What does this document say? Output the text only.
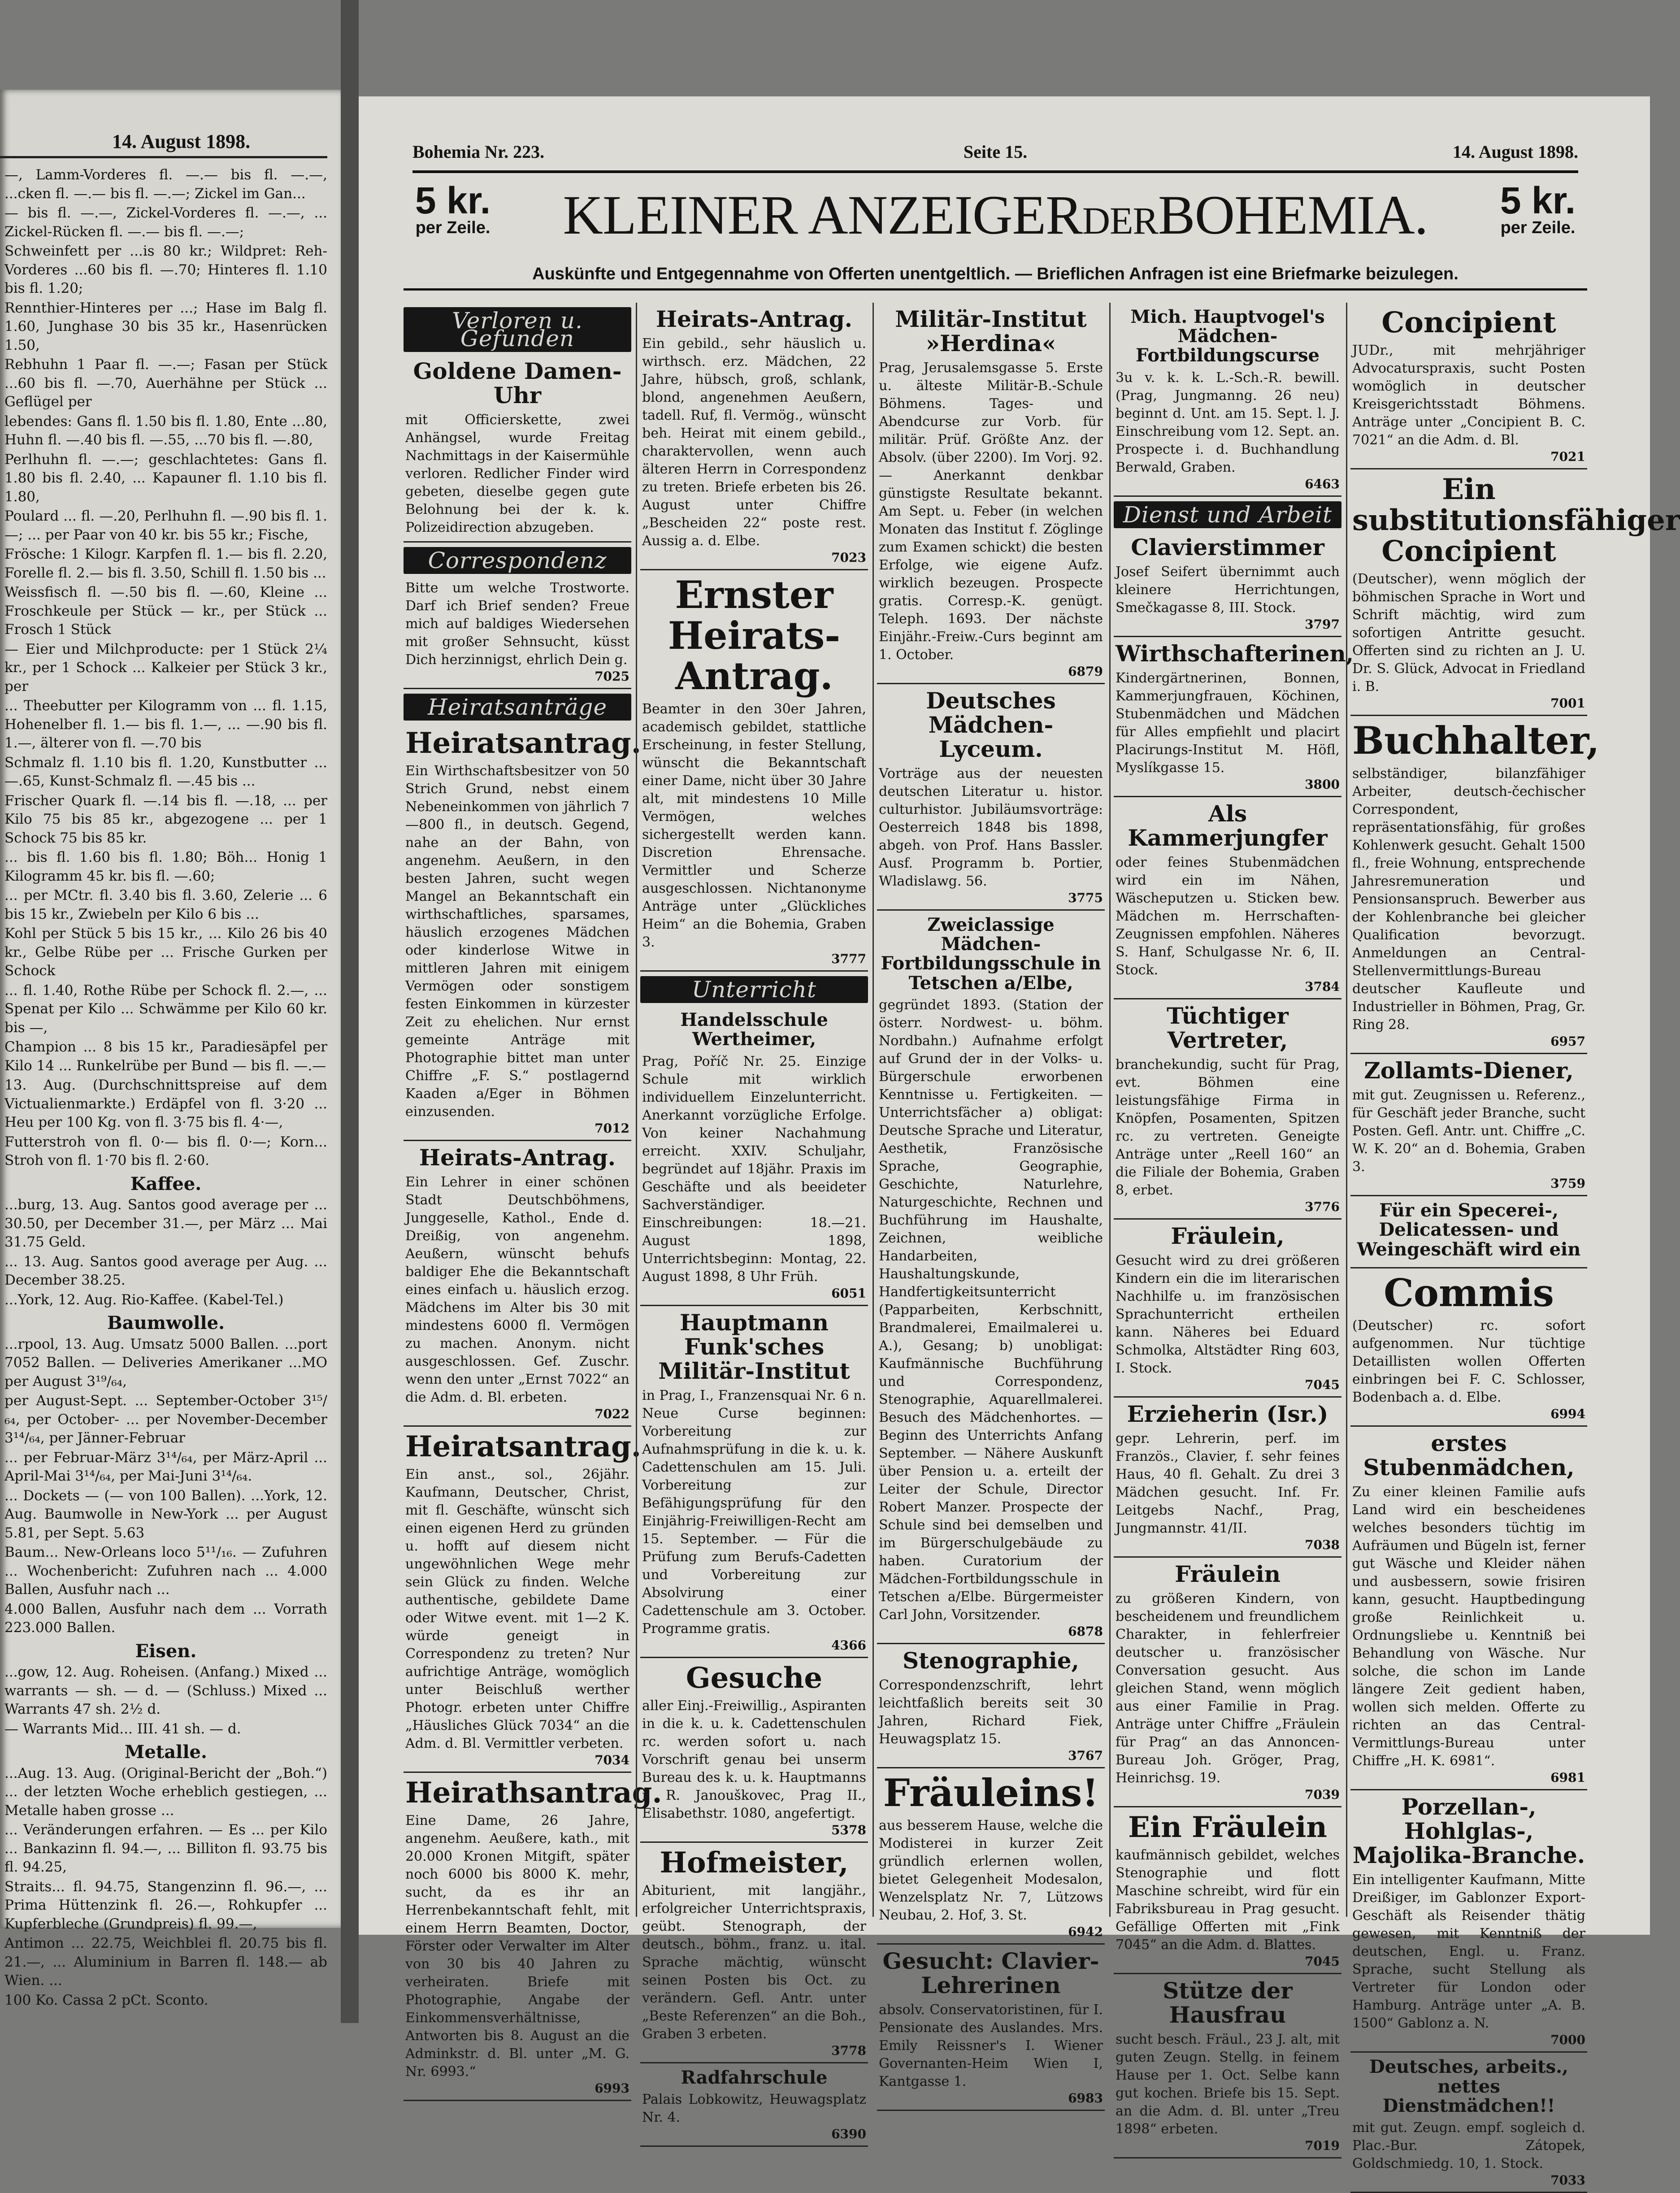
14. August 1898.

—, Lamm-Vorderes fl. —.— bis fl. —.—, ...cken fl. —.— bis fl. —.—; Zickel im Gan...

— bis fl. —.—, Zickel-Vorderes fl. —.—, ... Zickel-Rücken fl. —.— bis fl. —.—;

Schweinfett per ...is 80 kr.; Wildpret: Reh-Vorderes ...60 bis fl. —.70; Hinteres fl. 1.10 bis fl. 1.20;

Rennthier-Hinteres per ...; Hase im Balg fl. 1.60, Junghase 30 bis 35 kr., Hasenrücken 1.50,

Rebhuhn 1 Paar fl. —.—; Fasan per Stück ...60 bis fl. —.70, Auerhähne per Stück ... Geflügel per

lebendes: Gans fl. 1.50 bis fl. 1.80, Ente ...80, Huhn fl. —.40 bis fl. —.55, ...70 bis fl. —.80,

Perlhuhn fl. —.—; geschlachtetes: Gans fl. 1.80 bis fl. 2.40, ... Kapauner fl. 1.10 bis fl. 1.80,

Poulard ... fl. —.20, Perlhuhn fl. —.90 bis fl. 1.—; ... per Paar von 40 kr. bis 55 kr.; Fische,

Frösche: 1 Kilogr. Karpfen fl. 1.— bis fl. 2.20, Forelle fl. 2.— bis fl. 3.50, Schill fl. 1.50 bis ...

Weissfisch fl. —.50 bis fl. —.60, Kleine ... Froschkeule per Stück — kr., per Stück ... Frosch 1 Stück

— Eier und Milchproducte: per 1 Stück 2¼ kr., per 1 Schock ... Kalkeier per Stück 3 kr., per

... Theebutter per Kilogramm von ... fl. 1.15, Hohenelber fl. 1.— bis fl. 1.—, ... —.90 bis fl. 1.—, älterer von fl. —.70 bis

Schmalz fl. 1.10 bis fl. 1.20, Kunstbutter ... —.65, Kunst-Schmalz fl. —.45 bis ...

Frischer Quark fl. —.14 bis fl. —.18, ... per Kilo 75 bis 85 kr., abgezogene ... per 1 Schock 75 bis 85 kr.

... bis fl. 1.60 bis fl. 1.80; Böh... Honig 1 Kilogramm 45 kr. bis fl. —.60;

... per MCtr. fl. 3.40 bis fl. 3.60, Zelerie ... 6 bis 15 kr., Zwiebeln per Kilo 6 bis ...

Kohl per Stück 5 bis 15 kr., ... Kilo 26 bis 40 kr., Gelbe Rübe per ... Frische Gurken per Schock

... fl. 1.40, Rothe Rübe per Schock fl. 2.—, ... Spenat per Kilo ... Schwämme per Kilo 60 kr. bis —,

Champion ... 8 bis 15 kr., Paradiesäpfel per Kilo 14 ... Runkelrübe per Bund — bis fl. —.—

13. Aug. (Durchschnittspreise auf dem Victualienmarkte.) Erdäpfel von fl. 3·20 ... Heu per 100 Kg. von fl. 3·75 bis fl. 4·—,

Futterstroh von fl. 0·— bis fl. 0·—; Korn... Stroh von fl. 1·70 bis fl. 2·60.

Kaffee.

...burg, 13. Aug. Santos good average per ... 30.50, per December 31.—, per März ... Mai 31.75 Geld.

... 13. Aug. Santos good average per Aug. ... December 38.25.

...York, 12. Aug. Rio-Kaffee. (Kabel-Tel.)

Baumwolle.

...rpool, 13. Aug. Umsatz 5000 Ballen. ...port 7052 Ballen. — Deliveries Amerikaner ...MO per August 3¹⁹/₆₄,

per August-Sept. ... September-October 3¹⁵/₆₄, per October- ... per November-December 3¹⁴/₆₄, per Jänner-Februar

... per Februar-März 3¹⁴/₆₄, per März-April ... April-Mai 3¹⁴/₆₄, per Mai-Juni 3¹⁴/₆₄.

... Dockets — (— von 100 Ballen). ...York, 12. Aug. Baumwolle in New-York ... per August 5.81, per Sept. 5.63

Baum... New-Orleans loco 5¹¹/₁₆. — Zufuhren ... Wochenbericht: Zufuhren nach ... 4.000 Ballen, Ausfuhr nach ...

4.000 Ballen, Ausfuhr nach dem ... Vorrath 223.000 Ballen.

Eisen.

...gow, 12. Aug. Roheisen. (Anfang.) Mixed ... warrants — sh. — d. — (Schluss.) Mixed ... Warrants 47 sh. 2½ d.

— Warrants Mid... III. 41 sh. — d.

Metalle.

...Aug. 13. Aug. (Original-Bericht der „Boh.“) ... der letzten Woche erheblich gestiegen, ... Metalle haben grosse ...

... Veränderungen erfahren. — Es ... per Kilo ... Bankazinn fl. 94.—, ... Billiton fl. 93.75 bis fl. 94.25,

Straits... fl. 94.75, Stangenzinn fl. 96.—, ... Prima Hüttenzink fl. 26.—, Rohkupfer ... Kupferbleche (Grundpreis) fl. 99.—,

Antimon ... 22.75, Weichblei fl. 20.75 bis fl. 21.—, ... Aluminium in Barren fl. 148.— ab Wien. ...

100 Ko. Cassa 2 pCt. Sconto.

Bohemia Nr. 223.	Seite 15.	14. August 1898.
5 kr.
per Zeile.	KLEINER ANZEIGERDERBOHEMIA.	5 kr.
per Zeile.
Auskünfte und Entgegennahme von Offerten unentgeltlich. — Brieflichen Anfragen ist eine Briefmarke beizulegen.
Verloren u. Gefunden
Goldene Damen-Uhr

mit Officierskette, zwei Anhängsel, wurde Freitag Nachmittags in der Kaisermühle verloren. Redlicher Finder wird gebeten, dieselbe gegen gute Belohnung bei der k. k. Polizeidirection abzugeben.

Correspondenz

Bitte um welche Trostworte. Darf ich Brief senden? Freue mich auf baldiges Wiedersehen mit großer Sehnsucht, küsst Dich herzinnigst, ehrlich Dein g.

7025
Heiratsanträge
Heiratsantrag.

Ein Wirthschaftsbesitzer von 50 Strich Grund, nebst einem Nebeneinkommen von jährlich 7—800 fl., in deutsch. Gegend, nahe an der Bahn, von angenehm. Aeußern, in den besten Jahren, sucht wegen Mangel an Bekanntschaft ein wirthschaftliches, sparsames, häuslich erzogenes Mädchen oder kinderlose Witwe in mittleren Jahren mit einigem Vermögen oder sonstigem festen Einkommen in kürzester Zeit zu ehelichen. Nur ernst gemeinte Anträge mit Photographie bittet man unter Chiffre „F. S.“ postlagernd Kaaden a/Eger in Böhmen einzusenden.

7012
Heirats-Antrag.

Ein Lehrer in einer schönen Stadt Deutschböhmens, Junggeselle, Kathol., Ende d. Dreißig, von angenehm. Aeußern, wünscht behufs baldiger Ehe die Bekanntschaft eines einfach u. häuslich erzog. Mädchens im Alter bis 30 mit mindestens 6000 fl. Vermögen zu machen. Anonym. nicht ausgeschlossen. Gef. Zuschr. wenn den unter „Ernst 7022“ an die Adm. d. Bl. erbeten.

7022
Heiratsantrag.

Ein anst., sol., 26jähr. Kaufmann, Deutscher, Christ, mit fl. Geschäfte, wünscht sich einen eigenen Herd zu gründen u. hofft auf diesem nicht ungewöhnlichen Wege mehr sein Glück zu finden. Welche authentische, gebildete Dame oder Witwe event. mit 1—2 K. würde geneigt in Correspondenz zu treten? Nur aufrichtige Anträge, womöglich unter Beischluß werther Photogr. erbeten unter Chiffre „Häusliches Glück 7034“ an die Adm. d. Bl. Vermittler verbeten.

7034
Heirathsantrag.

Eine Dame, 26 Jahre, angenehm. Aeußere, kath., mit 20.000 Kronen Mitgift, später noch 6000 bis 8000 K. mehr, sucht, da es ihr an Herrenbekanntschaft fehlt, mit einem Herrn Beamten, Doctor, Förster oder Verwalter im Alter von 30 bis 40 Jahren zu verheiraten. Briefe mit Photographie, Angabe der Einkommensverhältnisse, Antworten bis 8. August an die Adminkstr. d. Bl. unter „M. G. Nr. 6993.“

6993
Heirats-Antrag.

Ein gebild., sehr häuslich u. wirthsch. erz. Mädchen, 22 Jahre, hübsch, groß, schlank, blond, angenehmen Aeußern, tadell. Ruf, fl. Vermög., wünscht beh. Heirat mit einem gebild., charaktervollen, wenn auch älteren Herrn in Correspondenz zu treten. Briefe erbeten bis 26. August unter Chiffre „Bescheiden 22“ poste rest. Aussig a. d. Elbe.

7023
Ernster Heirats-Antrag.

Beamter in den 30er Jahren, academisch gebildet, stattliche Erscheinung, in fester Stellung, wünscht die Bekanntschaft einer Dame, nicht über 30 Jahre alt, mit mindestens 10 Mille Vermögen, welches sichergestellt werden kann. Discretion Ehrensache. Vermittler und Scherze ausgeschlossen. Nichtanonyme Anträge unter „Glückliches Heim“ an die Bohemia, Graben 3.

3777
Unterricht
Handelsschule Wertheimer,

Prag, Poříč Nr. 25. Einzige Schule mit wirklich individuellem Einzelunterricht. Anerkannt vorzügliche Erfolge. Von keiner Nachahmung erreicht. XXIV. Schuljahr, begründet auf 18jähr. Praxis im Geschäfte und als beeideter Sachverständiger. Einschreibungen: 18.—21. August 1898, Unterrichtsbeginn: Montag, 22. August 1898, 8 Uhr Früh.

6051
Hauptmann Funk'sches Militär-Institut

in Prag, I., Franzensquai Nr. 6 n. Neue Curse beginnen: Vorbereitung zur Aufnahmsprüfung in die k. u. k. Cadettenschulen am 15. Juli. Vorbereitung zur Befähigungsprüfung für den Einjährig-Freiwilligen-Recht am 15. September. — Für die Prüfung zum Berufs-Cadetten und Vorbereitung zur Absolvirung einer Cadettenschule am 3. October. Programme gratis.

4366
Gesuche

aller Einj.-Freiwillig., Aspiranten in die k. u. k. Cadettenschulen rc. werden sofort u. nach Vorschrift genau bei unserm Bureau des k. u. k. Hauptmanns i. R. Janouškovec, Prag II., Elisabethstr. 1080, angefertigt.

5378
Hofmeister,

Abiturient, mit langjähr., erfolgreicher Unterrichtspraxis, geübt. Stenograph, der deutsch., böhm., franz. u. ital. Sprache mächtig, wünscht seinen Posten bis Oct. zu verändern. Gefl. Antr. unter „Beste Referenzen“ an die Boh., Graben 3 erbeten.

3778
Radfahrschule

Palais Lobkowitz, Heuwagsplatz Nr. 4.

6390
Militär-Institut »Herdina«

Prag, Jerusalemsgasse 5. Erste u. älteste Militär-B.-Schule Böhmens. Tages- und Abendcurse zur Vorb. für militär. Prüf. Größte Anz. der Absolv. (über 2200). Im Vorj. 92. — Anerkannt denkbar günstigste Resultate bekannt. Am Sept. u. Feber (in welchen Monaten das Institut f. Zöglinge zum Examen schickt) die besten Erfolge, wie eigene Aufz. wirklich bezeugen. Prospecte gratis. Corresp.-K. genügt. Teleph. 1693. Der nächste Einjähr.-Freiw.-Curs beginnt am 1. October.

6879
Deutsches Mädchen-Lyceum.

Vorträge aus der neuesten deutschen Literatur u. histor. culturhistor. Jubiläumsvorträge: Oesterreich 1848 bis 1898, abgeh. von Prof. Hans Bassler. Ausf. Programm b. Portier, Wladislawg. 56.

3775
Zweiclassige Mädchen-Fortbildungsschule in Tetschen a/Elbe,

gegründet 1893. (Station der österr. Nordwest- u. böhm. Nordbahn.) Aufnahme erfolgt auf Grund der in der Volks- u. Bürgerschule erworbenen Kenntnisse u. Fertigkeiten. — Unterrichtsfächer a) obligat: Deutsche Sprache und Literatur, Aesthetik, Französische Sprache, Geographie, Geschichte, Naturlehre, Naturgeschichte, Rechnen und Buchführung im Haushalte, Zeichnen, weibliche Handarbeiten, Haushaltungskunde, Handfertigkeitsunterricht (Papparbeiten, Kerbschnitt, Brandmalerei, Emailmalerei u. A.), Gesang; b) unobligat: Kaufmännische Buchführung und Correspondenz, Stenographie, Aquarellmalerei. Besuch des Mädchenhortes. — Beginn des Unterrichts Anfang September. — Nähere Auskunft über Pension u. a. erteilt der Leiter der Schule, Director Robert Manzer. Prospecte der Schule sind bei demselben und im Bürgerschulgebäude zu haben. Curatorium der Mädchen-Fortbildungsschule in Tetschen a/Elbe. Bürgermeister Carl John, Vorsitzender.

6878
Stenographie,

Correspondenzschrift, lehrt leichtfaßlich bereits seit 30 Jahren, Richard Fiek, Heuwagsplatz 15.

3767
Fräuleins!

aus besserem Hause, welche die Modisterei in kurzer Zeit gründlich erlernen wollen, bietet Gelegenheit Modesalon, Wenzelsplatz Nr. 7, Lützows Neubau, 2. Hof, 3. St.

6942
Gesucht: Clavier-Lehrerinen

absolv. Conservatoristinen, für I. Pensionate des Auslandes. Mrs. Emily Reissner's I. Wiener Governanten-Heim Wien I, Kantgasse 1.

6983
Mich. Hauptvogel's Mädchen-Fortbildungscurse

3u v. k. k. L.-Sch.-R. bewill. (Prag, Jungmanng. 26 neu) beginnt d. Unt. am 15. Sept. l. J. Einschreibung vom 12. Sept. an. Prospecte i. d. Buchhandlung Berwald, Graben.

6463
Dienst und Arbeit
Clavierstimmer

Josef Seifert übernimmt auch kleinere Herrichtungen, Smečkagasse 8, III. Stock.

3797
Wirthschafterinen,

Kindergärtnerinen, Bonnen, Kammerjungfrauen, Köchinen, Stubenmädchen und Mädchen für Alles empfiehlt und placirt Placirungs-Institut M. Höfl, Myslíkgasse 15.

3800
Als Kammerjungfer

oder feines Stubenmädchen wird ein im Nähen, Wäscheputzen u. Sticken bew. Mädchen m. Herrschaften-Zeugnissen empfohlen. Näheres S. Hanf, Schulgasse Nr. 6, II. Stock.

3784
Tüchtiger Vertreter,

branchekundig, sucht für Prag, evt. Böhmen eine leistungsfähige Firma in Knöpfen, Posamenten, Spitzen rc. zu vertreten. Geneigte Anträge unter „Reell 160“ an die Filiale der Bohemia, Graben 8, erbet.

3776
Fräulein,

Gesucht wird zu drei größeren Kindern ein die im literarischen Nachhilfe u. im französischen Sprachunterricht ertheilen kann. Näheres bei Eduard Schmolka, Altstädter Ring 603, I. Stock.

7045
Erzieherin (Isr.)

gepr. Lehrerin, perf. im Französ., Clavier, f. sehr feines Haus, 40 fl. Gehalt. Zu drei 3 Mädchen gesucht. Inf. Fr. Leitgebs Nachf., Prag, Jungmannstr. 41/II.

7038
Fräulein

zu größeren Kindern, von bescheidenem und freundlichem Charakter, in fehlerfreier deutscher u. französischer Conversation gesucht. Aus gleichen Stand, wenn möglich aus einer Familie in Prag. Anträge unter Chiffre „Fräulein für Prag“ an das Annoncen-Bureau Joh. Gröger, Prag, Heinrichsg. 19.

7039
Ein Fräulein

kaufmännisch gebildet, welches Stenographie und flott Maschine schreibt, wird für ein Fabriksbureau in Prag gesucht. Gefällige Offerten mit „Fink 7045“ an die Adm. d. Blattes.

7045
Stütze der Hausfrau

sucht besch. Fräul., 23 J. alt, mit guten Zeugn. Stellg. in feinem Hause per 1. Oct. Selbe kann gut kochen. Briefe bis 15. Sept. an die Adm. d. Bl. unter „Treu 1898“ erbeten.

7019
Concipient

JUDr., mit mehrjähriger Advocaturspraxis, sucht Posten womöglich in deutscher Kreisgerichtsstadt Böhmens. Anträge unter „Concipient B. C. 7021“ an die Adm. d. Bl.

7021
Ein substitutionsfähiger Concipient

(Deutscher), wenn möglich der böhmischen Sprache in Wort und Schrift mächtig, wird zum sofortigen Antritte gesucht. Offerten sind zu richten an J. U. Dr. S. Glück, Advocat in Friedland i. B.

7001
Buchhalter,

selbständiger, bilanzfähiger Arbeiter, deutsch-čechischer Correspondent, repräsentationsfähig, für großes Kohlenwerk gesucht. Gehalt 1500 fl., freie Wohnung, entsprechende Jahresremuneration und Pensionsanspruch. Bewerber aus der Kohlenbranche bei gleicher Qualification bevorzugt. Anmeldungen an Central-Stellenvermittlungs-Bureau deutscher Kaufleute und Industrieller in Böhmen, Prag, Gr. Ring 28.

6957
Zollamts-Diener,

mit gut. Zeugnissen u. Referenz., für Geschäft jeder Branche, sucht Posten. Gefl. Antr. unt. Chiffre „C. W. K. 20“ an d. Bohemia, Graben 3.

3759
Für ein Specerei-, Delicatessen- und Weingeschäft wird ein
Commis

(Deutscher) rc. sofort aufgenommen. Nur tüchtige Detaillisten wollen Offerten einbringen bei F. C. Schlosser, Bodenbach a. d. Elbe.

6994
erstes Stubenmädchen,

Zu einer kleinen Familie aufs Land wird ein bescheidenes welches besonders tüchtig im Aufräumen und Bügeln ist, ferner gut Wäsche und Kleider nähen und ausbessern, sowie frisiren kann, gesucht. Hauptbedingung große Reinlichkeit u. Ordnungsliebe u. Kenntniß bei Behandlung von Wäsche. Nur solche, die schon im Lande längere Zeit gedient haben, wollen sich melden. Offerte zu richten an das Central-Vermittlungs-Bureau unter Chiffre „H. K. 6981“.

6981
Porzellan-, Hohlglas-, Majolika-Branche.

Ein intelligenter Kaufmann, Mitte Dreißiger, im Gablonzer Export-Geschäft als Reisender thätig gewesen, mit Kenntniß der deutschen, Engl. u. Franz. Sprache, sucht Stellung als Vertreter für London oder Hamburg. Anträge unter „A. B. 1500“ Gablonz a. N.

7000
Deutsches, arbeits., nettes Dienstmädchen!!

mit gut. Zeugn. empf. sogleich d. Plac.-Bur. Zátopek, Goldschmiedg. 10, 1. Stock.

7033
